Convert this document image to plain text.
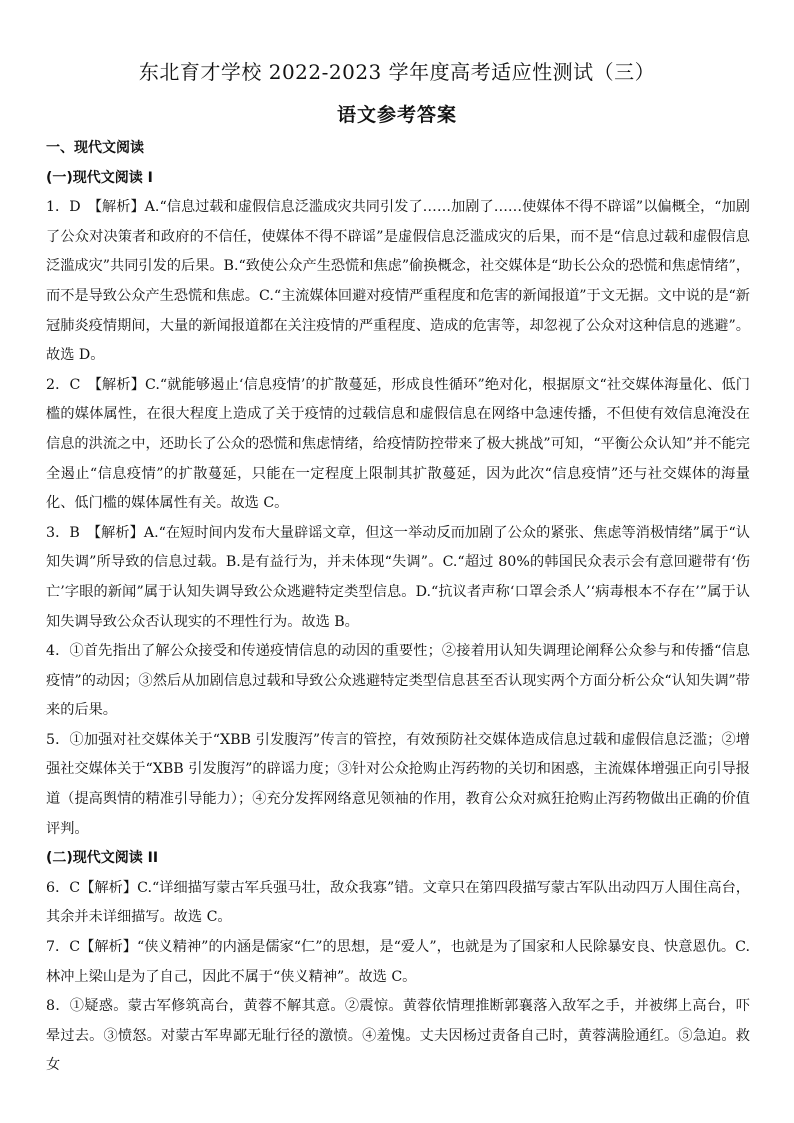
东北育才学校 2022-2023 学年度高考适应性测试（三）
语文参考答案

一、现代文阅读

(一)现代文阅读 I

1．D　【解析】A.“信息过载和虚假信息泛滥成灾共同引发了……加剧了……使媒体不得不辟谣”以偏概全，“加剧了公众对决策者和政府的不信任，使媒体不得不辟谣”是虚假信息泛滥成灾的后果，而不是“信息过载和虚假信息泛滥成灾”共同引发的后果。B.“致使公众产生恐慌和焦虑”偷换概念，社交媒体是“助长公众的恐慌和焦虑情绪”，而不是导致公众产生恐慌和焦虑。C.“主流媒体回避对疫情严重程度和危害的新闻报道”于文无据。文中说的是“新冠肺炎疫情期间，大量的新闻报道都在关注疫情的严重程度、造成的危害等，却忽视了公众对这种信息的逃避”。故选 D。

2．C　【解析】C.“就能够遏止‘信息疫情’的扩散蔓延，形成良性循环”绝对化，根据原文“社交媒体海量化、低门槛的媒体属性，在很大程度上造成了关于疫情的过载信息和虚假信息在网络中急速传播，不但使有效信息淹没在信息的洪流之中，还助长了公众的恐慌和焦虑情绪，给疫情防控带来了极大挑战”可知，“平衡公众认知”并不能完全遏止“信息疫情”的扩散蔓延，只能在一定程度上限制其扩散蔓延，因为此次“信息疫情”还与社交媒体的海量化、低门槛的媒体属性有关。故选 C。

3．B　【解析】A.“在短时间内发布大量辟谣文章，但这一举动反而加剧了公众的紧张、焦虑等消极情绪”属于“认知失调”所导致的信息过载。B.是有益行为，并未体现“失调”。C.“超过 80%的韩国民众表示会有意回避带有‘伤亡’字眼的新闻”属于认知失调导致公众逃避特定类型信息。D.“抗议者声称‘口罩会杀人’‘病毒根本不存在’”属于认知失调导致公众否认现实的不理性行为。故选 B。

4．①首先指出了解公众接受和传递疫情信息的动因的重要性；②接着用认知失调理论阐释公众参与和传播“信息疫情”的动因；③然后从加剧信息过载和导致公众逃避特定类型信息甚至否认现实两个方面分析公众“认知失调”带来的后果。

5．①加强对社交媒体关于“XBB 引发腹泻”传言的管控，有效预防社交媒体造成信息过载和虚假信息泛滥；②增强社交媒体关于“XBB 引发腹泻”的辟谣力度；③针对公众抢购止泻药物的关切和困惑，主流媒体增强正向引导报道（提高舆情的精准引导能力）；④充分发挥网络意见领袖的作用，教育公众对疯狂抢购止泻药物做出正确的价值评判。

(二)现代文阅读 II

6．C【解析】C.“详细描写蒙古军兵强马壮，敌众我寡”错。文章只在第四段描写蒙古军队出动四万人围住高台，其余并未详细描写。故选 C。

7．C【解析】“侠义精神”的内涵是儒家“仁”的思想，是“爱人”，也就是为了国家和人民除暴安良、快意恩仇。C.林冲上梁山是为了自己，因此不属于“侠义精神”。故选 C。

8．①疑惑。蒙古军修筑高台，黄蓉不解其意。②震惊。黄蓉依情理推断郭襄落入敌军之手，并被绑上高台，吓晕过去。③愤怒。对蒙古军卑鄙无耻行径的激愤。④羞愧。丈夫因杨过责备自己时，黄蓉满脸通红。⑤急迫。救女
